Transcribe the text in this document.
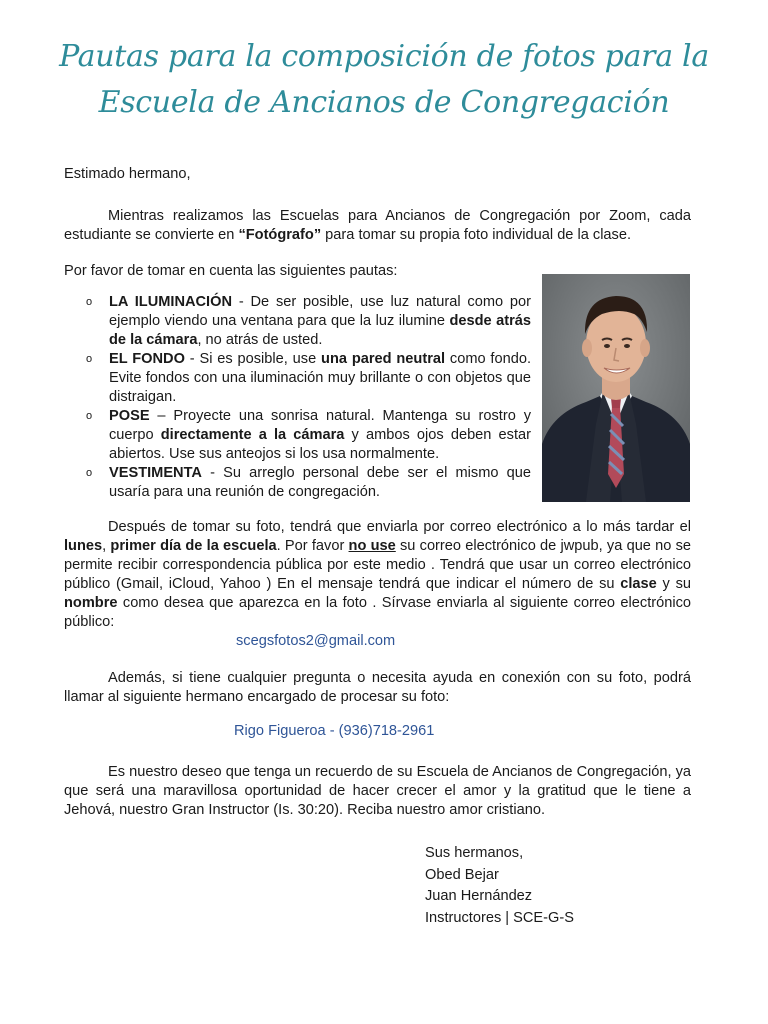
Pautas para la composición de fotos para la
Escuela de Ancianos de Congregación
Estimado hermano,
Mientras realizamos las Escuelas para Ancianos de Congregación por Zoom, cada estudiante se convierte en “Fotógrafo” para tomar su propia foto individual de la clase.
Por favor de tomar en cuenta las siguientes pautas:
o LA ILUMINACIÓN - De ser posible, use luz natural como por ejemplo viendo una ventana para que la luz ilumine desde atrás de la cámara, no atrás de usted.
o EL FONDO - Si es posible, use una pared neutral como fondo. Evite fondos con una iluminación muy brillante o con objetos que distraigan.
o POSE – Proyecte una sonrisa natural. Mantenga su rostro y cuerpo directamente a la cámara y ambos ojos deben estar abiertos. Use sus anteojos si los usa normalmente.
o VESTIMENTA - Su arreglo personal debe ser el mismo que usaría para una reunión de congregación.
Después de tomar su foto, tendrá que enviarla por correo electrónico a lo más tardar el lunes, primer día de la escuela. Por favor no use su correo electrónico de jwpub, ya que no se permite recibir correspondencia pública por este medio . Tendrá que usar un correo electrónico público (Gmail, iCloud, Yahoo ) En el mensaje tendrá que indicar el número de su clase y su nombre como desea que aparezca en la foto . Sírvase enviarla al siguiente correo electrónico público:
scegsfotos2@gmail.com
Además, si tiene cualquier pregunta o necesita ayuda en conexión con su foto, podrá llamar al siguiente hermano encargado de procesar su foto:
Rigo Figueroa - (936)718-2961
Es nuestro deseo que tenga un recuerdo de su Escuela de Ancianos de Congregación, ya que será una maravillosa oportunidad de hacer crecer el amor y la gratitud que le tiene a Jehová, nuestro Gran Instructor (Is. 30:20). Reciba nuestro amor cristiano.
Sus hermanos,
Obed Bejar
Juan Hernández
Instructores | SCE-G-S
